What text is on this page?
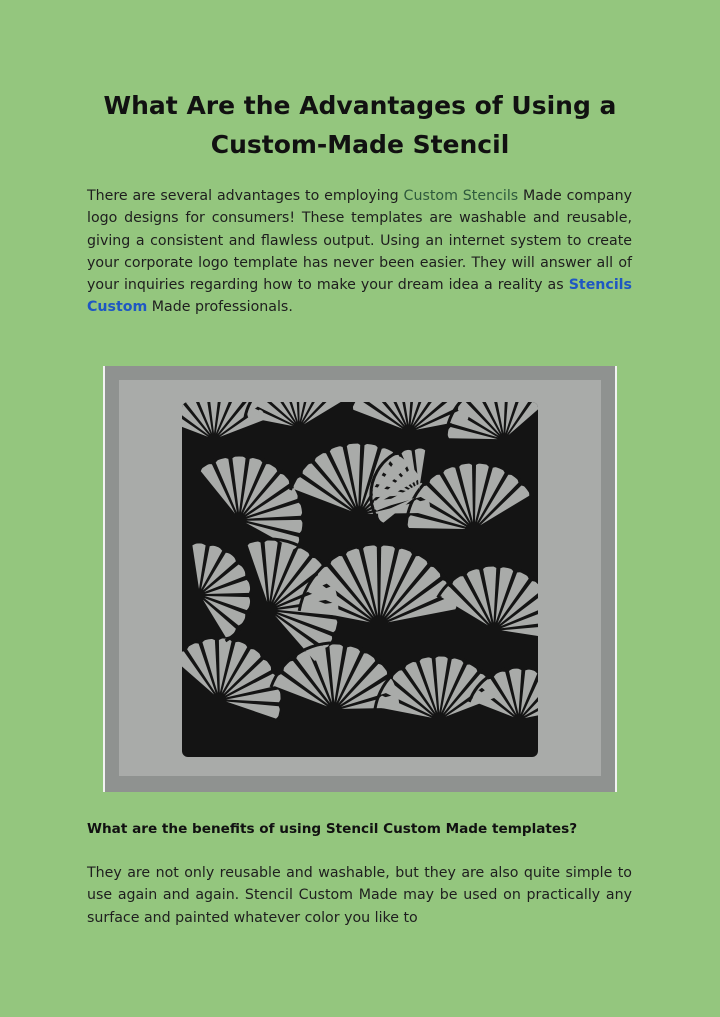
What Are the Advantages of Using a Custom-Made Stencil

There are several advantages to employing Custom Stencils Made company logo designs for consumers! These templates are washable and reusable, giving a consistent and flawless output. Using an internet system to create your corporate logo template has never been easier. They will answer all of your inquiries regarding how to make your dream idea a reality as Stencils Custom Made professionals.

What are the benefits of using Stencil Custom Made templates?

They are not only reusable and washable, but they are also quite simple to use again and again. Stencil Custom Made may be used on practically any surface and painted whatever color you like to
